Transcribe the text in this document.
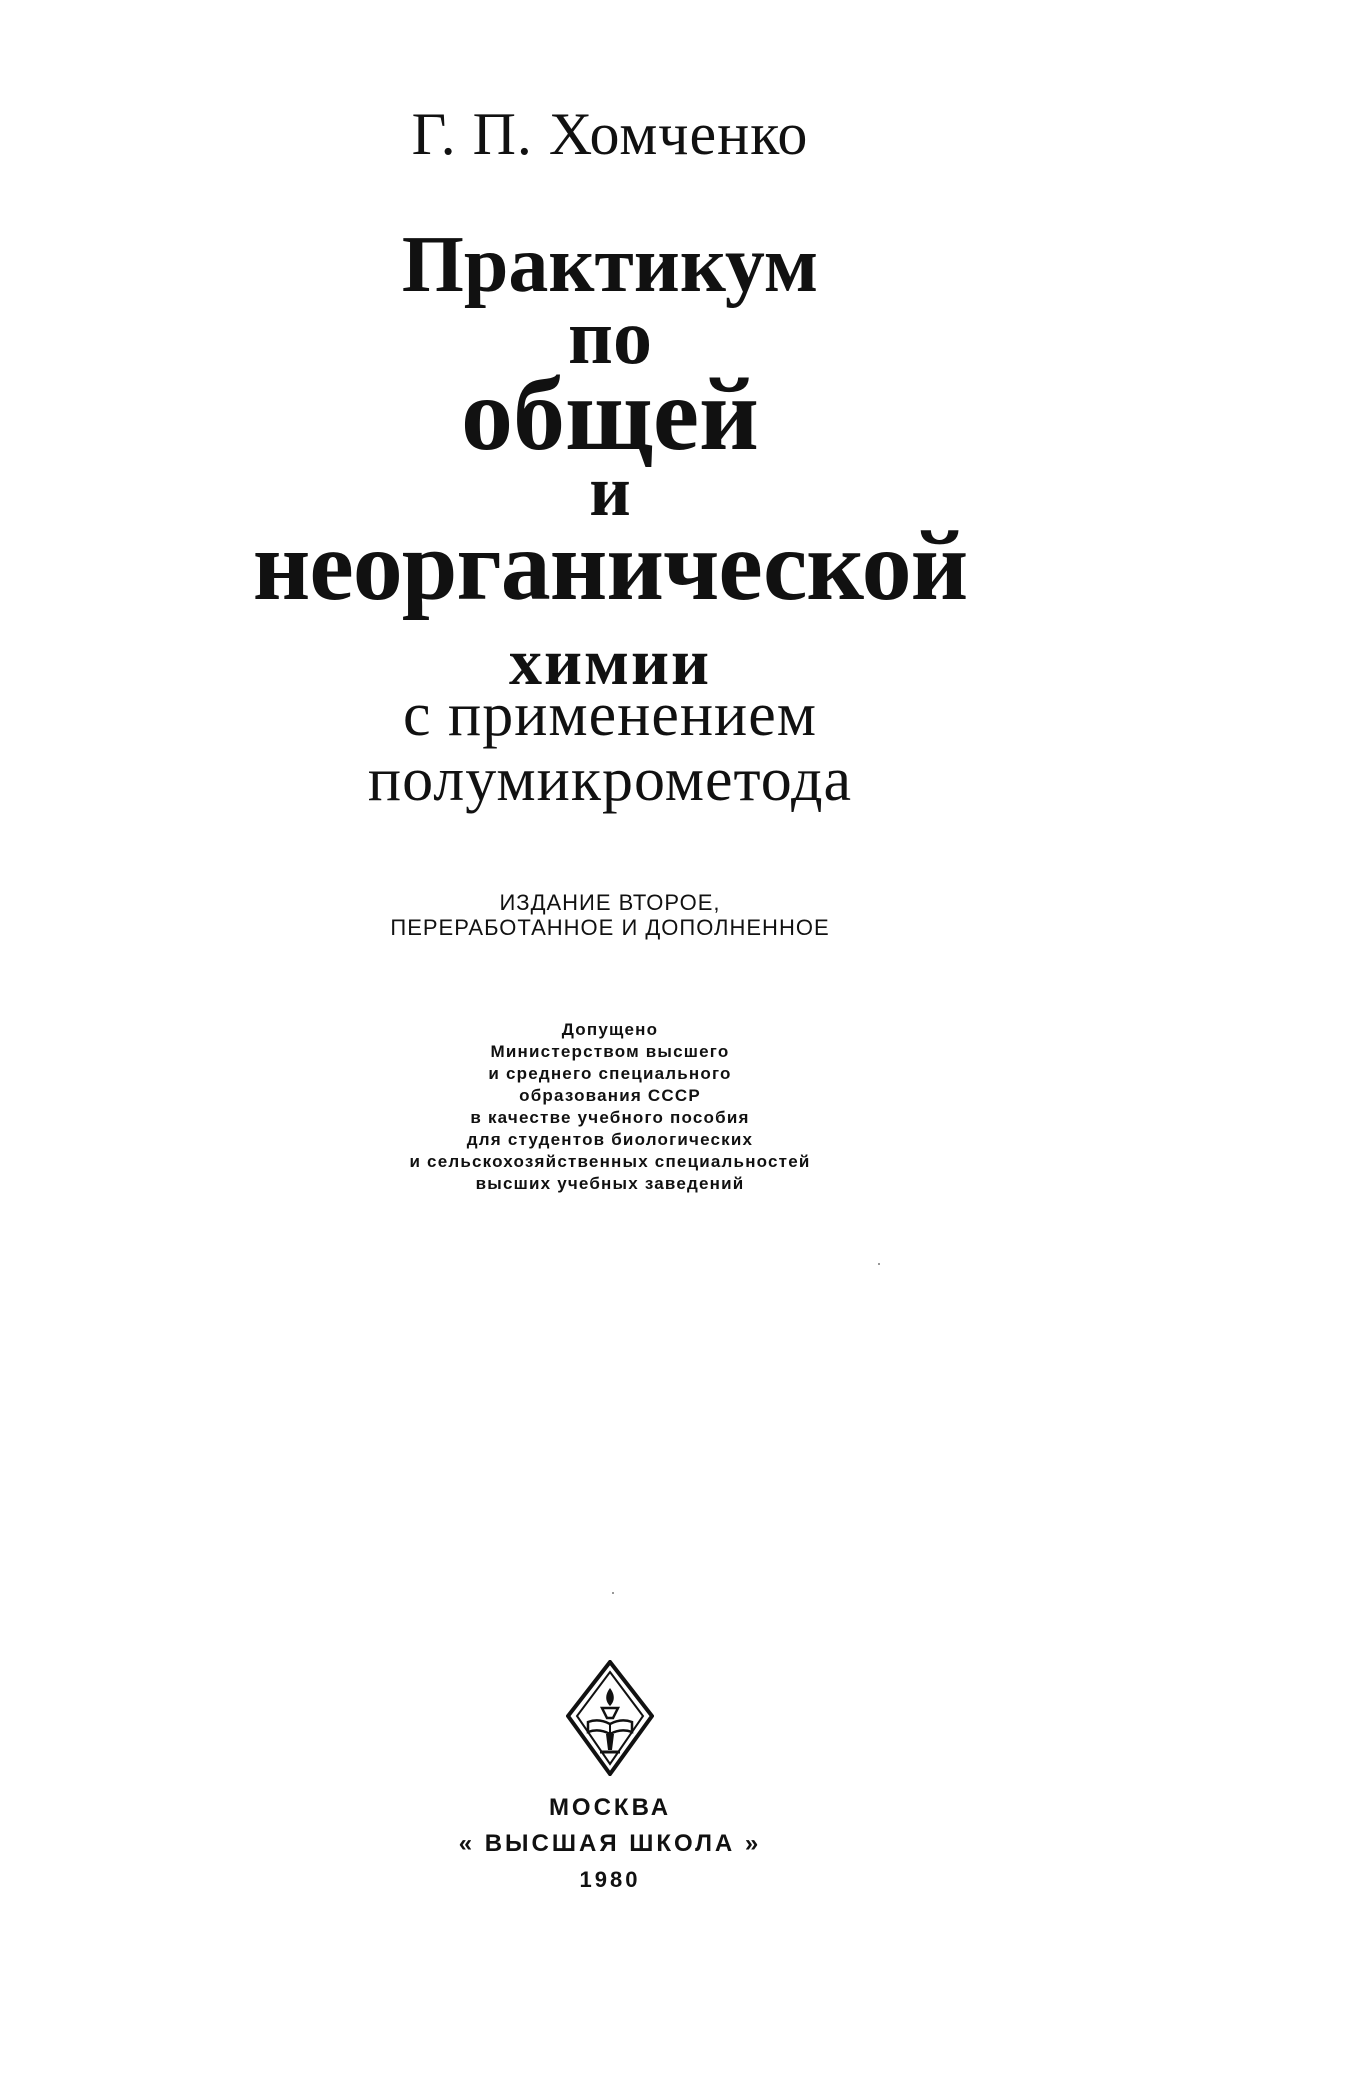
Г. П. Хомченко
Практикум
по
общей
и
неорганической
химии
с применением
полумикрометода
ИЗДАНИЕ ВТОРОЕ,
ПЕРЕРАБОТАННОЕ И ДОПОЛНЕННОЕ
Допущено
Министерством высшего
и среднего специального
образования СССР
в качестве учебного пособия
для студентов биологических
и сельскохозяйственных специальностей
высших учебных заведений
МОСКВА
« ВЫСШАЯ ШКОЛА »
1980
